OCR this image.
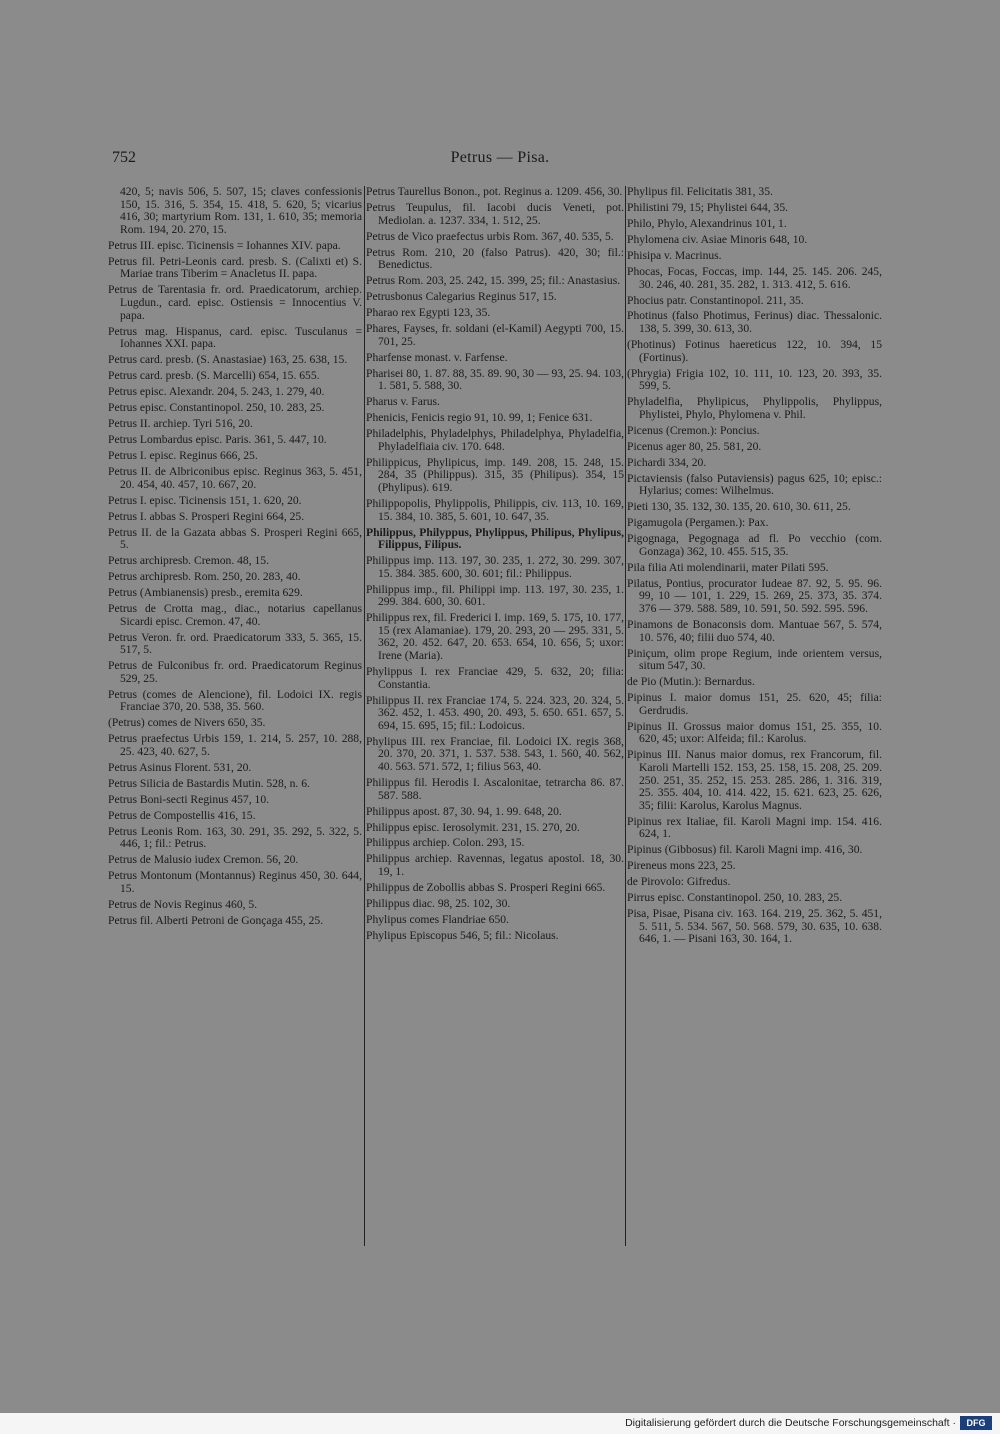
752	Petrus — Pisa.

420, 5; navis 506, 5. 507, 15; claves confessionis 150, 15. 316, 5. 354, 15. 418, 5. 620, 5; vicarius 416, 30; martyrium Rom. 131, 1. 610, 35; memoria Rom. 194, 20. 270, 15.

Petrus III. episc. Ticinensis = Iohannes XIV. papa.

Petrus fil. Petri-Leonis card. presb. S. (Calixti et) S. Mariae trans Tiberim = Anacletus II. papa.

Petrus de Tarentasia fr. ord. Praedicatorum, archiep. Lugdun., card. episc. Ostiensis = Innocentius V. papa.

Petrus mag. Hispanus, card. episc. Tusculanus = Iohannes XXI. papa.

Petrus card. presb. (S. Anastasiae) 163, 25. 638, 15.

Petrus card. presb. (S. Marcelli) 654, 15. 655.

Petrus episc. Alexandr. 204, 5. 243, 1. 279, 40.

Petrus episc. Constantinopol. 250, 10. 283, 25.

Petrus II. archiep. Tyri 516, 20.

Petrus Lombardus episc. Paris. 361, 5. 447, 10.

Petrus I. episc. Reginus 666, 25.

Petrus II. de Albriconibus episc. Reginus 363, 5. 451, 20. 454, 40. 457, 10. 667, 20.

Petrus I. episc. Ticinensis 151, 1. 620, 20.

Petrus I. abbas S. Prosperi Regini 664, 25.

Petrus II. de la Gazata abbas S. Prosperi Regini 665, 5.

Petrus archipresb. Cremon. 48, 15.

Petrus archipresb. Rom. 250, 20. 283, 40.

Petrus (Ambianensis) presb., eremita 629.

Petrus de Crotta mag., diac., notarius capellanus Sicardi episc. Cremon. 47, 40.

Petrus Veron. fr. ord. Praedicatorum 333, 5. 365, 15. 517, 5.

Petrus de Fulconibus fr. ord. Praedicatorum Reginus 529, 25.

Petrus (comes de Alencione), fil. Lodoici IX. regis Franciae 370, 20. 538, 35. 560.

(Petrus) comes de Nivers 650, 35.

Petrus praefectus Urbis 159, 1. 214, 5. 257, 10. 288, 25. 423, 40. 627, 5.

Petrus Asinus Florent. 531, 20.

Petrus Silicia de Bastardis Mutin. 528, n. 6.

Petrus Boni-secti Reginus 457, 10.

Petrus de Compostellis 416, 15.

Petrus Leonis Rom. 163, 30. 291, 35. 292, 5. 322, 5. 446, 1; fil.: Petrus.

Petrus de Malusio iudex Cremon. 56, 20.

Petrus Montonum (Montannus) Reginus 450, 30. 644, 15.

Petrus de Novis Reginus 460, 5.

Petrus fil. Alberti Petroni de Gonçaga 455, 25.

Petrus Taurellus Bonon., pot. Reginus a. 1209. 456, 30.

Petrus Teupulus, fil. Iacobi ducis Veneti, pot. Mediolan. a. 1237. 334, 1. 512, 25.

Petrus de Vico praefectus urbis Rom. 367, 40. 535, 5.

Petrus Rom. 210, 20 (falso Patrus). 420, 30; fil.: Benedictus.

Petrus Rom. 203, 25. 242, 15. 399, 25; fil.: Anastasius.

Petrusbonus Calegarius Reginus 517, 15.

Pharao rex Egypti 123, 35.

Phares, Fayses, fr. soldani (el-Kamil) Aegypti 700, 15. 701, 25.

Pharfense monast. v. Farfense.

Pharisei 80, 1. 87. 88, 35. 89. 90, 30 — 93, 25. 94. 103, 1. 581, 5. 588, 30.

Pharus v. Farus.

Phenicis, Fenicis regio 91, 10. 99, 1; Fenice 631.

Philadelphis, Phyladelphys, Philadelphya, Phyladelfia, Phyladelfiaia civ. 170. 648.

Philippicus, Phylipicus, imp. 149. 208, 15. 248, 15. 284, 35 (Philippus). 315, 35 (Philipus). 354, 15 (Phylipus). 619.

Philippopolis, Phylippolis, Philippis, civ. 113, 10. 169, 15. 384, 10. 385, 5. 601, 10. 647, 35.

Philippus, Philyppus, Phylippus, Philipus, Phylipus, Filippus, Filipus.

Philippus imp. 113. 197, 30. 235, 1. 272, 30. 299. 307, 15. 384. 385. 600, 30. 601; fil.: Philippus.

Philippus imp., fil. Philippi imp. 113. 197, 30. 235, 1. 299. 384. 600, 30. 601.

Philippus rex, fil. Frederici I. imp. 169, 5. 175, 10. 177, 15 (rex Alamaniae). 179, 20. 293, 20 — 295. 331, 5. 362, 20. 452. 647, 20. 653. 654, 10. 656, 5; uxor: Irene (Maria).

Phylippus I. rex Franciae 429, 5. 632, 20; filia: Constantia.

Philippus II. rex Franciae 174, 5. 224. 323, 20. 324, 5. 362. 452, 1. 453. 490, 20. 493, 5. 650. 651. 657, 5. 694, 15. 695, 15; fil.: Lodoicus.

Phylipus III. rex Franciae, fil. Lodoici IX. regis 368, 20. 370, 20. 371, 1. 537. 538. 543, 1. 560, 40. 562, 40. 563. 571. 572, 1; filius 563, 40.

Philippus fil. Herodis I. Ascalonitae, tetrarcha 86. 87. 587. 588.

Philippus apost. 87, 30. 94, 1. 99. 648, 20.

Philippus episc. Ierosolymit. 231, 15. 270, 20.

Philippus archiep. Colon. 293, 15.

Philippus archiep. Ravennas, legatus apostol. 18, 30. 19, 1.

Philippus de Zobollis abbas S. Prosperi Regini 665.

Philippus diac. 98, 25. 102, 30.

Phylipus comes Flandriae 650.

Phylipus Episcopus 546, 5; fil.: Nicolaus.

Phylipus fil. Felicitatis 381, 35.

Philistini 79, 15; Phylistei 644, 35.

Philo, Phylo, Alexandrinus 101, 1.

Phylomena civ. Asiae Minoris 648, 10.

Phisipa v. Macrinus.

Phocas, Focas, Foccas, imp. 144, 25. 145. 206. 245, 30. 246, 40. 281, 35. 282, 1. 313. 412, 5. 616.

Phocius patr. Constantinopol. 211, 35.

Photinus (falso Photimus, Ferinus) diac. Thessalonic. 138, 5. 399, 30. 613, 30.

(Photinus) Fotinus haereticus 122, 10. 394, 15 (Fortinus).

(Phrygia) Frigia 102, 10. 111, 10. 123, 20. 393, 35. 599, 5.

Phyladelfia, Phylipicus, Phylippolis, Phylippus, Phylistei, Phylo, Phylomena v. Phil.

Picenus (Cremon.): Poncius.

Picenus ager 80, 25. 581, 20.

Pichardi 334, 20.

Pictaviensis (falso Putaviensis) pagus 625, 10; episc.: Hylarius; comes: Wilhelmus.

Pieti 130, 35. 132, 30. 135, 20. 610, 30. 611, 25.

Pigamugola (Pergamen.): Pax.

Pigognaga, Pegognaga ad fl. Po vecchio (com. Gonzaga) 362, 10. 455. 515, 35.

Pila filia Ati molendinarii, mater Pilati 595.

Pilatus, Pontius, procurator Iudeae 87. 92, 5. 95. 96. 99, 10 — 101, 1. 229, 15. 269, 25. 373, 35. 374. 376 — 379. 588. 589, 10. 591, 50. 592. 595. 596.

Pinamons de Bonaconsis dom. Mantuae 567, 5. 574, 10. 576, 40; filii duo 574, 40.

Piniçum, olim prope Regium, inde orientem versus, situm 547, 30.

de Pio (Mutin.): Bernardus.

Pipinus I. maior domus 151, 25. 620, 45; filia: Gerdrudis.

Pipinus II. Grossus maior domus 151, 25. 355, 10. 620, 45; uxor: Alfeida; fil.: Karolus.

Pipinus III. Nanus maior domus, rex Francorum, fil. Karoli Martelli 152. 153, 25. 158, 15. 208, 25. 209. 250. 251, 35. 252, 15. 253. 285. 286, 1. 316. 319, 25. 355. 404, 10. 414. 422, 15. 621. 623, 25. 626, 35; filii: Karolus, Karolus Magnus.

Pipinus rex Italiae, fil. Karoli Magni imp. 154. 416. 624, 1.

Pipinus (Gibbosus) fil. Karoli Magni imp. 416, 30.

Pireneus mons 223, 25.

de Pirovolo: Gifredus.

Pirrus episc. Constantinopol. 250, 10. 283, 25.

Pisa, Pisae, Pisana civ. 163. 164. 219, 25. 362, 5. 451, 5. 511, 5. 534. 567, 50. 568. 579, 30. 635, 10. 638. 646, 1. — Pisani 163, 30. 164, 1.

Digitalisierung gefördert durch die Deutsche Forschungsgemeinschaft ·	DFG
